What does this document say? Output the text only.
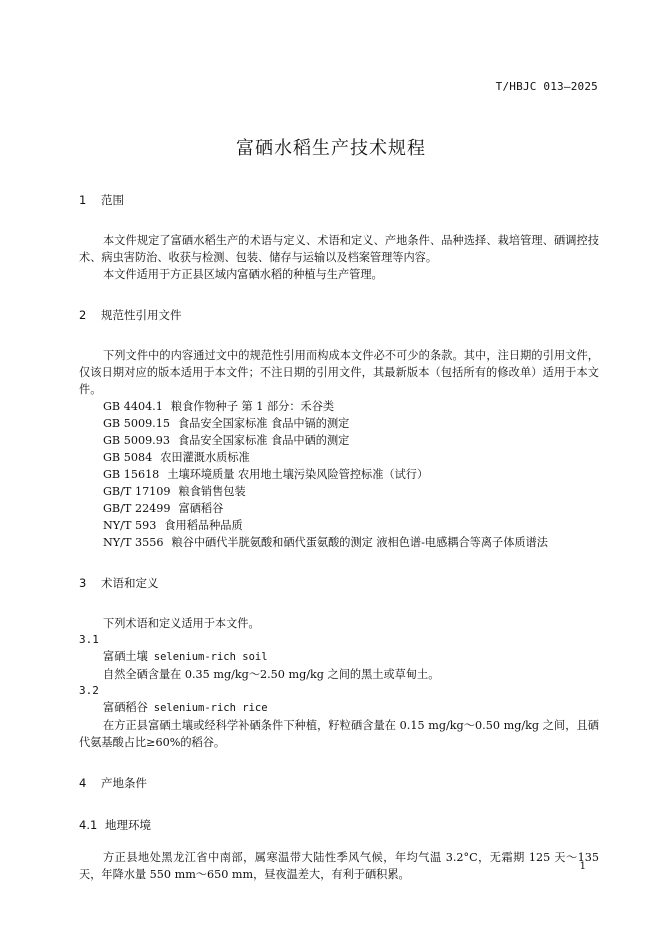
T/HBJC 013—2025
富硒水稻生产技术规程
1 范围

本文件规定了富硒水稻生产的术语与定义、术语和定义、产地条件、品种选择、栽培管理、硒调控技术、病虫害防治、收获与检测、包装、储存与运输以及档案管理等内容。

本文件适用于方正县区域内富硒水稻的种植与生产管理。

2 规范性引用文件

下列文件中的内容通过文中的规范性引用而构成本文件必不可少的条款。其中，注日期的引用文件，仅该日期对应的版本适用于本文件；不注日期的引用文件，其最新版本（包括所有的修改单）适用于本文件。

GB 4404.1 粮食作物种子 第 1 部分：禾谷类

GB 5009.15 食品安全国家标准 食品中镉的测定

GB 5009.93 食品安全国家标准 食品中硒的测定

GB 5084 农田灌溉水质标准

GB 15618 土壤环境质量 农用地土壤污染风险管控标准（试行）

GB/T 17109 粮食销售包装

GB/T 22499 富硒稻谷

NY/T 593 食用稻品种品质

NY/T 3556 粮谷中硒代半胱氨酸和硒代蛋氨酸的测定 液相色谱-电感耦合等离子体质谱法

3 术语和定义

下列术语和定义适用于本文件。

3.1

富硒土壤 selenium-rich soil

自然全硒含量在 0.35 mg/kg～2.50 mg/kg 之间的黑土或草甸土。

3.2

富硒稻谷 selenium-rich rice

在方正县富硒土壤或经科学补硒条件下种植，籽粒硒含量在 0.15 mg/kg～0.50 mg/kg 之间，且硒代氨基酸占比≥60%的稻谷。

4 产地条件
4.1 地理环境

方正县地处黑龙江省中南部，属寒温带大陆性季风气候，年均气温 3.2°C，无霜期 125 天～135 天，年降水量 550 mm～650 mm，昼夜温差大，有利于硒积累。

1
